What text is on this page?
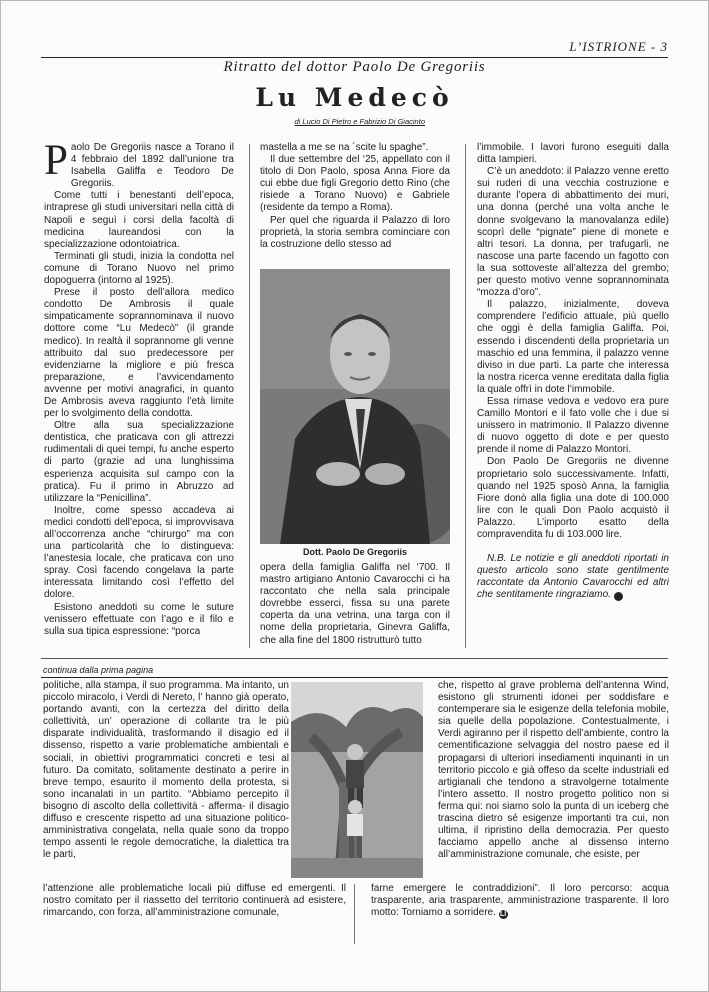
L’ISTRIONE - 3
Ritratto del dottor Paolo De Gregoriis
Lu Medecò
di Lucio Di Pietro e Fabrizio Di Giacinto

Paolo De Gregoriis nasce a Torano il 4 febbraio del 1892 dall’unione tra Isabella Galiffa e Teodoro De Gregoriis.

Come tutti i benestanti dell’epoca, intraprese gli studi universitari nella città di Napoli e seguì i corsi della facoltà di medicina laureandosi con la specializzazione odontoiatrica.

Terminati gli studi, inizia la condotta nel comune di Torano Nuovo nel primo dopoguerra (intorno al 1925).

Prese il posto dell’allora medico condotto De Ambrosis il quale simpaticamente soprannominava il nuovo dottore come “Lu Medecò” (il grande medico). In realtà il soprannome gli venne attribuito dal suo predecessore per evidenziarne la migliore e più fresca preparazione, e l’avvicendamento avvenne per motivi anagrafici, in quanto De Ambrosis aveva raggiunto l’età limite per lo svolgimento della condotta.

Oltre alla sua specializzazione dentistica, che praticava con gli attrezzi rudimentali di quei tempi, fu anche esperto di parto (grazie ad una lunghissima esperienza acquisita sul campo con la pratica). Fu il primo in Abruzzo ad utilizzare la “Penicillina”.

Inoltre, come spesso accadeva ai medici condotti dell’epoca, si improvvisava all’occorrenza anche “chirurgo” ma con una particolarità che lo distingueva: l’anestesia locale, che praticava con uno spray. Così facendo congelava la parte interessata limitando così l’effetto del dolore.

Esistono aneddoti su come le suture venissero effettuate con l’ago e il filo e sulla sua tipica espressione: “porca

mastella a me se na ´scite lu spaghe”.

Il due settembre del ‘25, appellato con il titolo di Don Paolo, sposa Anna Fiore da cui ebbe due figli Gregorio detto Rino (che risiede a Torano Nuovo) e Gabriele (residente da tempo a Roma).

Per quel che riguarda il Palazzo di loro proprietà, la storia sembra cominciare con la costruzione dello stesso ad

Dott. Paolo De Gregoriis

opera della famiglia Galiffa nel ‘700. Il mastro artigiano Antonio Cavarocchi ci ha raccontato che nella sala principale dovrebbe esserci, fissa su una parete coperta da una vetrina, una targa con il nome della proprietaria, Ginevra Galiffa, che alla fine del 1800 ristrutturò tutto

l’immobile. I lavori furono eseguiti dalla ditta Iampieri.

C’è un aneddoto: il Palazzo venne eretto sui ruderi di una vecchia costruzione e durante l’opera di abbattimento dei muri, una donna (perché una volta anche le donne svolgevano la manovalanza edile) scoprì delle “pignate” piene di monete e altri tesori. La donna, per trafugarli, ne nascose una parte facendo un fagotto con la sua sottoveste all’altezza del grembo; per questo motivo venne soprannominata “mozza d’oro”.

Il palazzo, inizialmente, doveva comprendere l’edificio attuale, più quello che oggi è della famiglia Galiffa. Poi, essendo i discendenti della proprietaria un maschio ed una femmina, il palazzo venne diviso in due parti. La parte che interessa la nostra ricerca venne ereditata dalla figlia la quale offrì in dote l’immobile.

Essa rimase vedova e vedovo era pure Camillo Montori e il fato volle che i due si unissero in matrimonio. Il Palazzo divenne di nuovo oggetto di dote e per questo prende il nome di Palazzo Montori.

Don Paolo De Gregoriis ne divenne proprietario solo successivamente. Infatti, quando nel 1925 sposò Anna, la famiglia Fiore donò alla figlia una dote di 100.000 lire con le quali Don Paolo acquistò il Palazzo. L’importo esatto della compravendita fu di 103.000 lire.

N.B. Le notizie e gli aneddoti riportati in questo articolo sono state gentilmente raccontate da Antonio Cavarocchi ed altri che sentitamente ringraziamo. Ll

continua dalla prima pagina

politiche, alla stampa, il suo programma. Ma intanto, un piccolo miracolo, i Verdi di Nereto, l’ hanno già operato, portando avanti, con la certezza del diritto della collettività, un’ operazione di collante tra le più disparate individualità, trasformando il disagio ed il dissenso, rispetto a varie problematiche ambientali e sociali, in obiettivi programmatici concreti e tesi al futuro. Da comitato, solitamente destinato a perire in breve tempo, esaurito il momento della protesta, si sono incanalati in un partito. “Abbiamo percepito il bisogno di ascolto della collettività - afferma- il disagio diffuso e crescente rispetto ad una situazione politico-amministrativa congelata, nella quale sono da troppo tempo assenti le regole democratiche, la dialettica tra le parti,

che, rispetto al grave problema dell’antenna Wind, esistono gli strumenti idonei per soddisfare e contemperare sia le esigenze della telefonia mobile, sia quelle della popolazione. Contestualmente, i Verdi agiranno per il rispetto dell’ambiente, contro la cementificazione selvaggia del nostro paese ed il propagarsi di ulteriori insediamenti inquinanti in un territorio piccolo e già offeso da scelte industriali ed artigianali che tendono a stravolgerne totalmente l’intero assetto. Il nostro progetto politico non si ferma qui: noi siamo solo la punta di un iceberg che trascina dietro sé esigenze importanti tra cui, non ultima, il ripristino della democrazia. Per questo facciamo appello anche al dissenso interno all’amministrazione comunale, che esiste, per

l’attenzione alle problematiche locali più diffuse ed emergenti. Il nostro comitato per il riassetto del territorio continuerà ad esistere, rimarcando, con forza, all’amministrazione comunale,

farne emergere le contraddizioni”. Il loro percorso: acqua trasparente, aria trasparente, amministrazione trasparente. Il loro motto: Torniamo a sorridere. Ll
